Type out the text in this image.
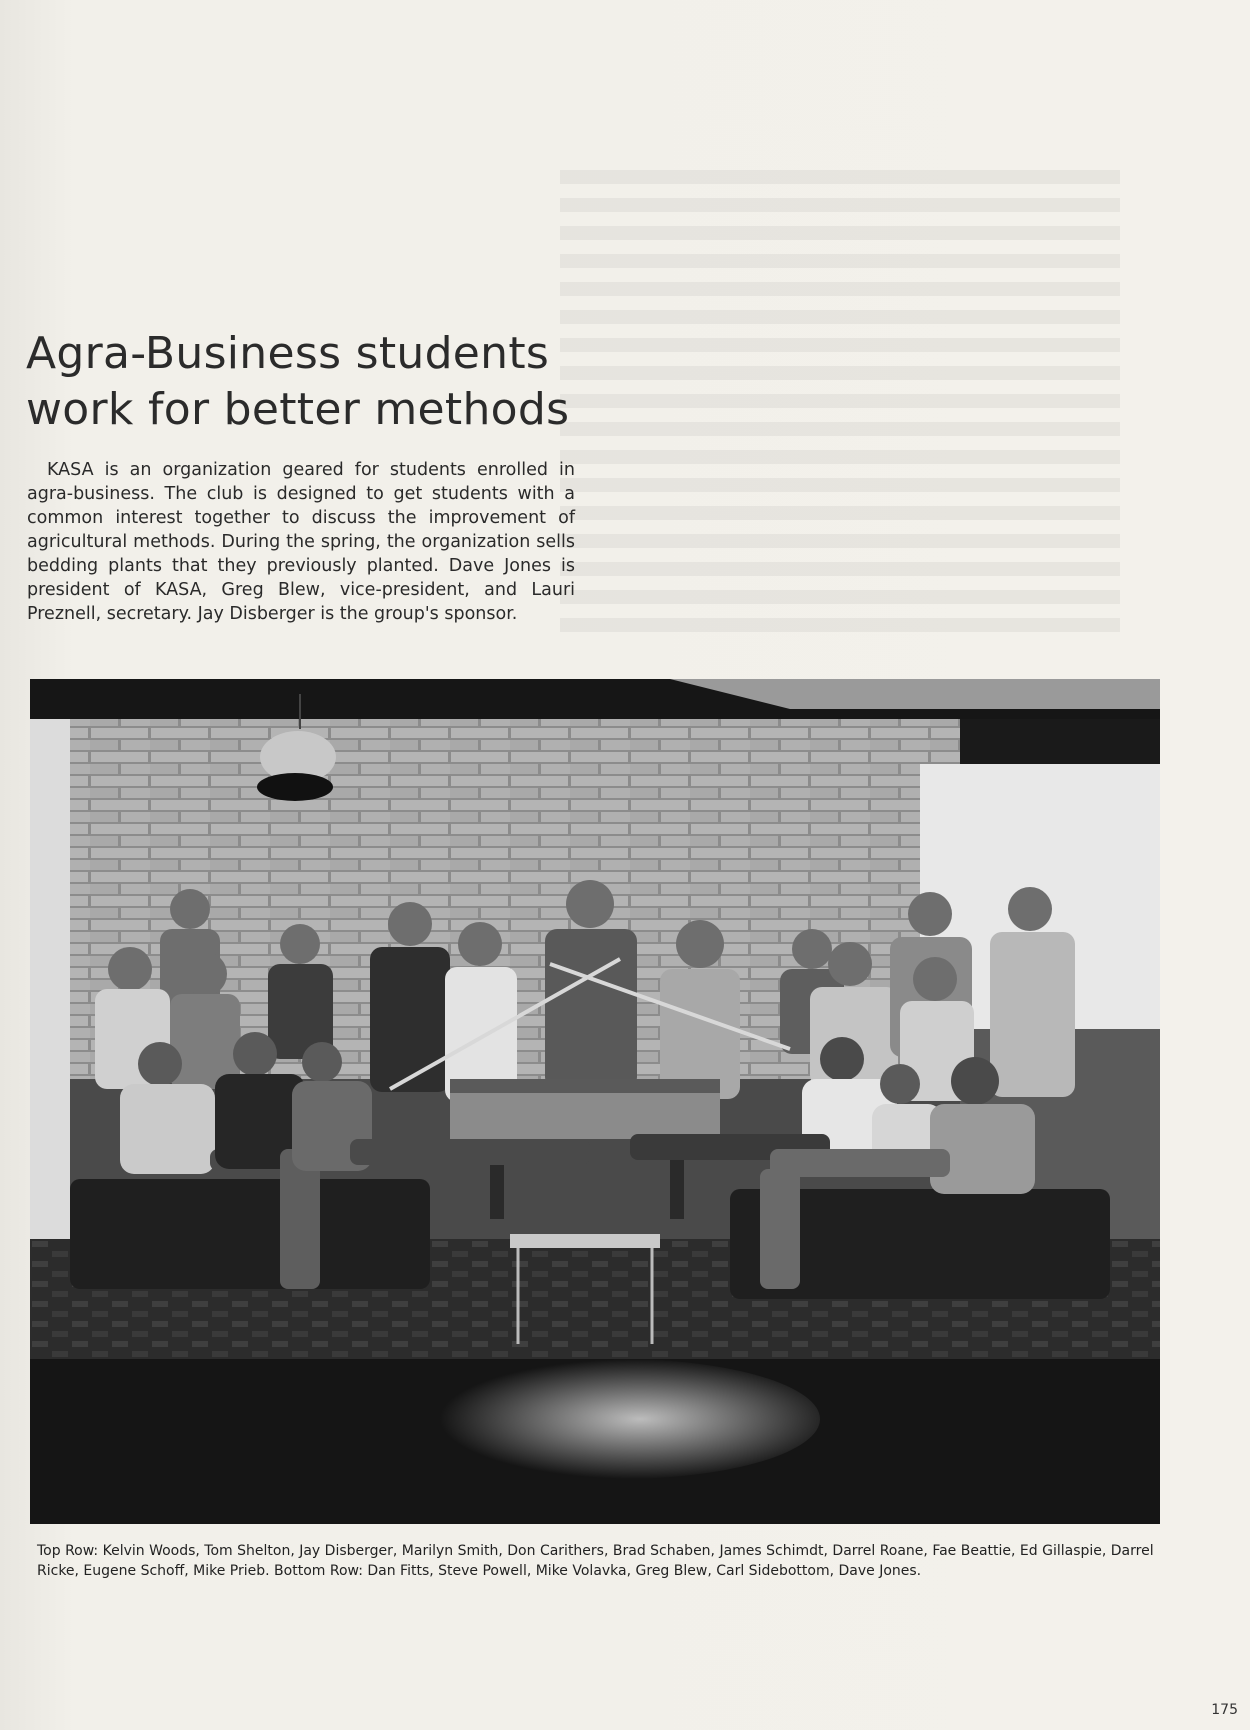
Agra-Business students
work for better methods

KASA is an organization geared for students enrolled in agra-business. The club is designed to get students with a common interest together to discuss the improvement of agricultural methods. During the spring, the organization sells bedding plants that they previously planted. Dave Jones is president of KASA, Greg Blew, vice-president, and Lauri Preznell, secretary. Jay Disberger is the group's sponsor.

Top Row: Kelvin Woods, Tom Shelton, Jay Disberger, Marilyn Smith, Don Carithers, Brad Schaben, James Schimdt, Darrel Roane, Fae Beattie, Ed Gillaspie, Darrel Ricke, Eugene Schoff, Mike Prieb. Bottom Row: Dan Fitts, Steve Powell, Mike Volavka, Greg Blew, Carl Sidebottom, Dave Jones.

175
